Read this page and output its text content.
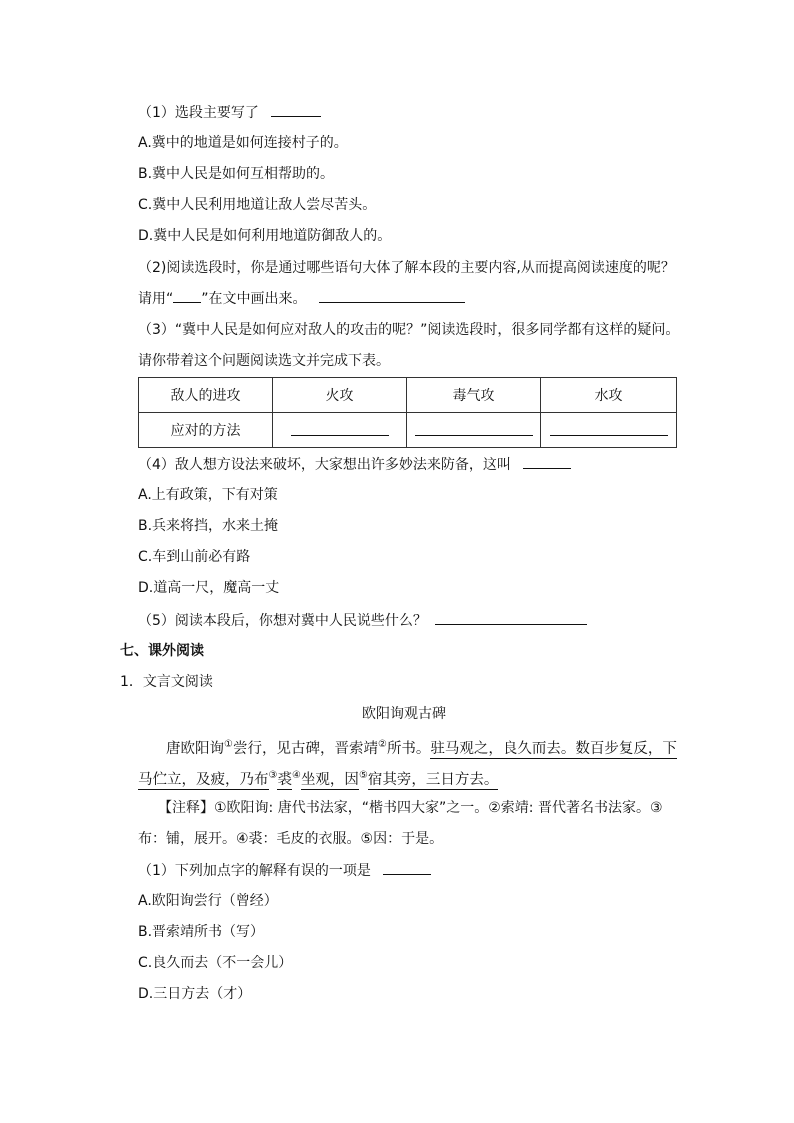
（1）选段主要写了
A.冀中的地道是如何连接村子的。
B.冀中人民是如何互相帮助的。
C.冀中人民利用地道让敌人尝尽苦头。
D.冀中人民是如何利用地道防御敌人的。
（2)阅读选段时，你是通过哪些语句大体了解本段的主要内容,从而提高阅读速度的呢？
请用“ ”在文中画出来。
（3）“冀中人民是如何应对敌人的攻击的呢？”阅读选段时，很多同学都有这样的疑问。
请你带着这个问题阅读选文并完成下表。
敌人的进攻	火攻	毒气攻	水攻
应对的方法			
（4）敌人想方设法来破坏，大家想出许多妙法来防备，这叫
A.上有政策，下有对策
B.兵来将挡，水来土掩
C.车到山前必有路
D.道高一尺，魔高一丈
（5）阅读本段后，你想对冀中人民说些什么？
七、课外阅读
1．文言文阅读
欧阳询观古碑
唐欧阳询①尝行，见古碑，晋索靖②所书。驻马观之，良久而去。数百步复反，下
马伫立，及疲，乃布③裘④坐观，因⑤宿其旁，三日方去。
【注释】①欧阳询: 唐代书法家，“楷书四大家”之一。②索靖: 晋代著名书法家。③
布：铺，展开。④裘：毛皮的衣服。⑤因：于是。
（1）下列加点字的解释有误的一项是
A.欧阳询尝行（曾经）
B.晋索靖所书（写）
C.良久而去（不一会儿）
D.三日方去（才）
